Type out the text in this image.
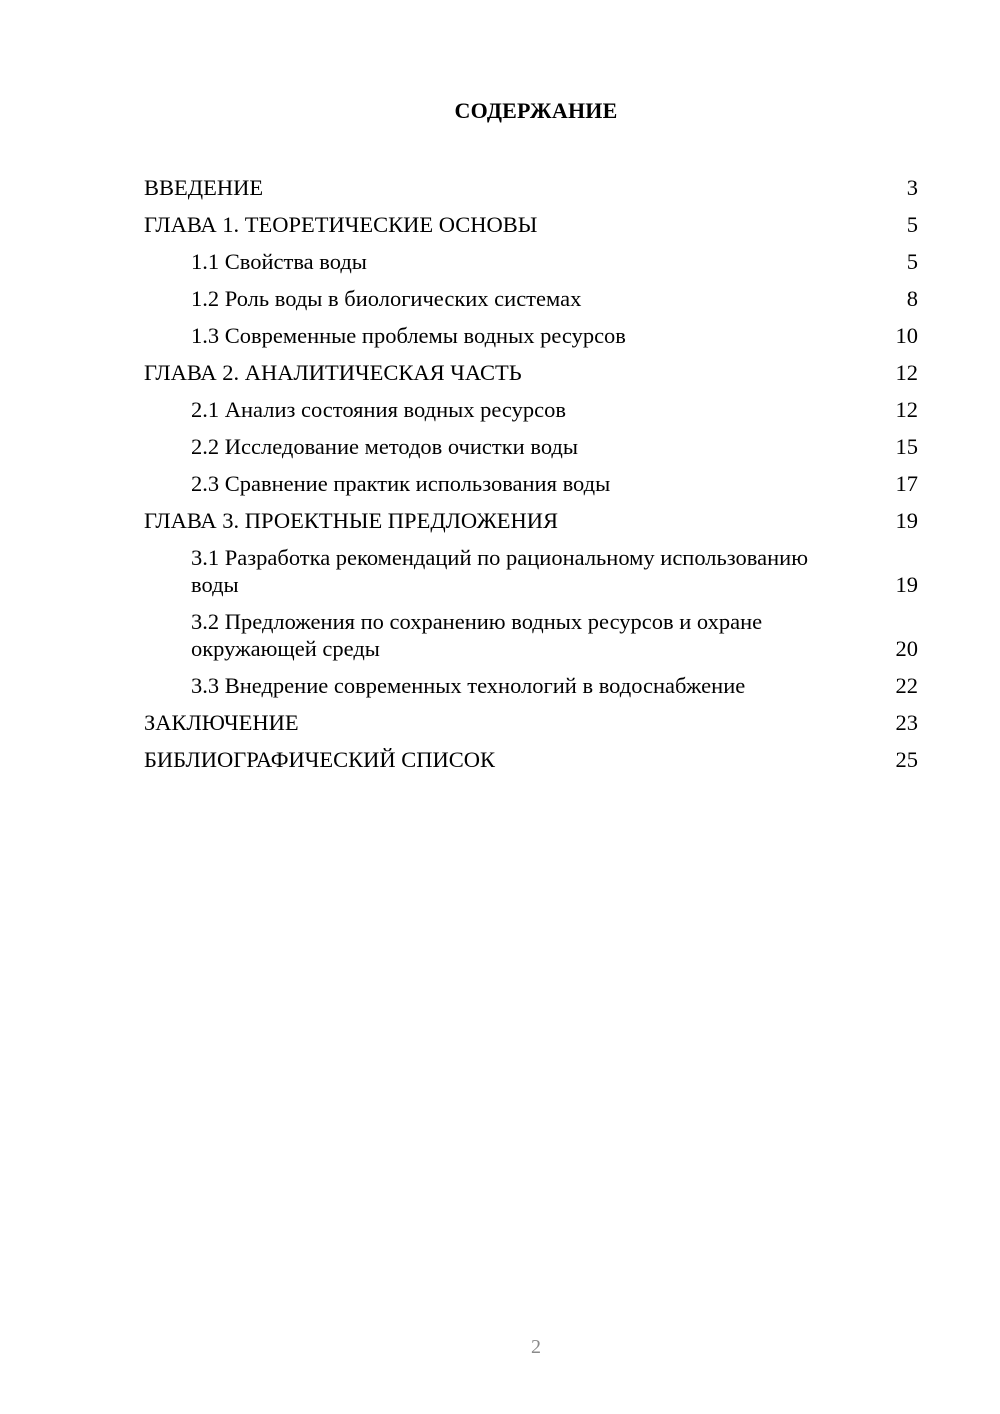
СОДЕРЖАНИЕ
ВВЕДЕНИЕ	3
ГЛАВА 1. ТЕОРЕТИЧЕСКИЕ ОСНОВЫ	5
1.1 Свойства воды	5
1.2 Роль воды в биологических системах	8
1.3 Современные проблемы водных ресурсов	10
ГЛАВА 2. АНАЛИТИЧЕСКАЯ ЧАСТЬ	12
2.1 Анализ состояния водных ресурсов	12
2.2 Исследование методов очистки воды	15
2.3 Сравнение практик использования воды	17
ГЛАВА 3. ПРОЕКТНЫЕ ПРЕДЛОЖЕНИЯ	19
3.1 Разработка рекомендаций по рациональному использованию воды	19
3.2 Предложения по сохранению водных ресурсов и охране окружающей среды	20
3.3 Внедрение современных технологий в водоснабжение	22
ЗАКЛЮЧЕНИЕ	23
БИБЛИОГРАФИЧЕСКИЙ СПИСОК	25
2
